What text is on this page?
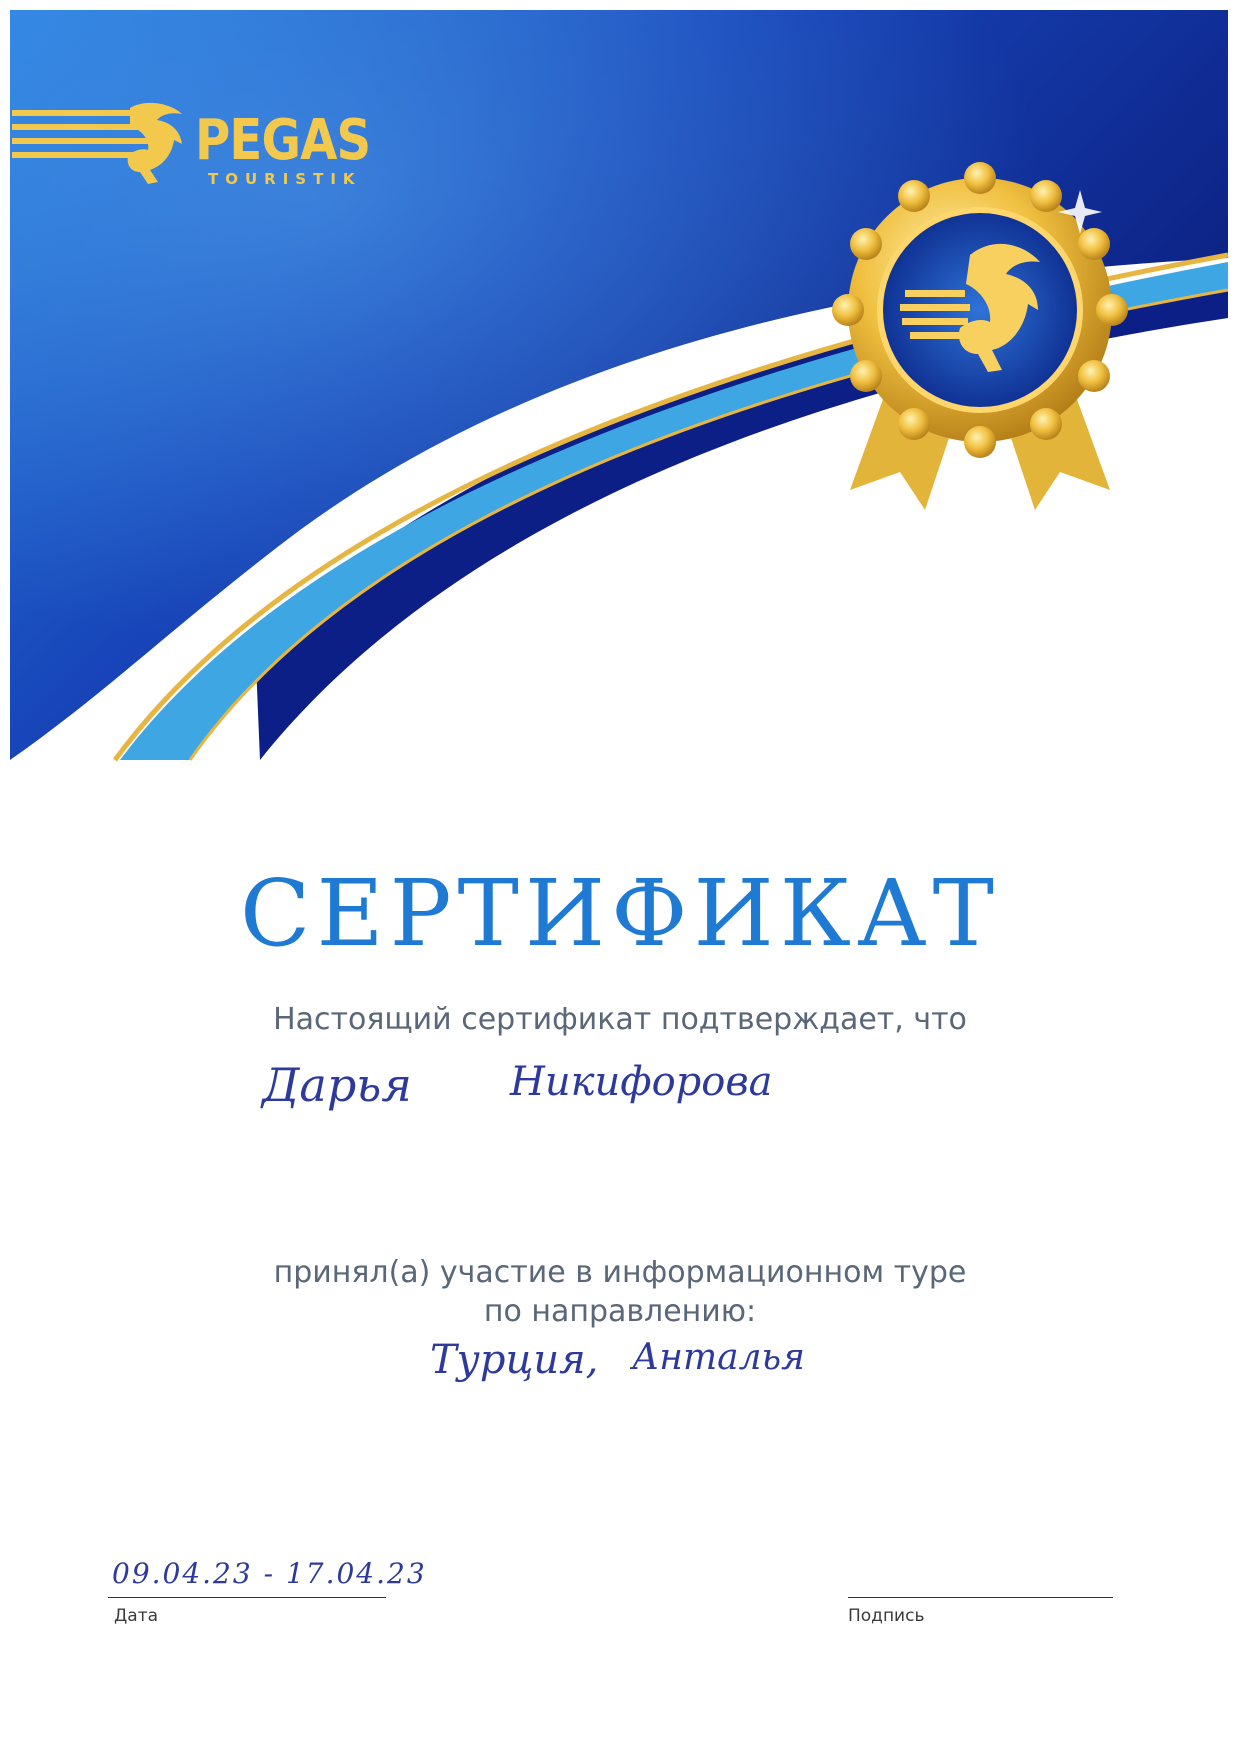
PEGAS
TOURISTIK
СЕРТИФИКАТ
Настоящий сертификат подтверждает, что
Дарья Никифорова
принял(а) участие в информационном туре
по направлению:
Турция, Анталья
09.04.23 - 17.04.23
Дата	Подпись
